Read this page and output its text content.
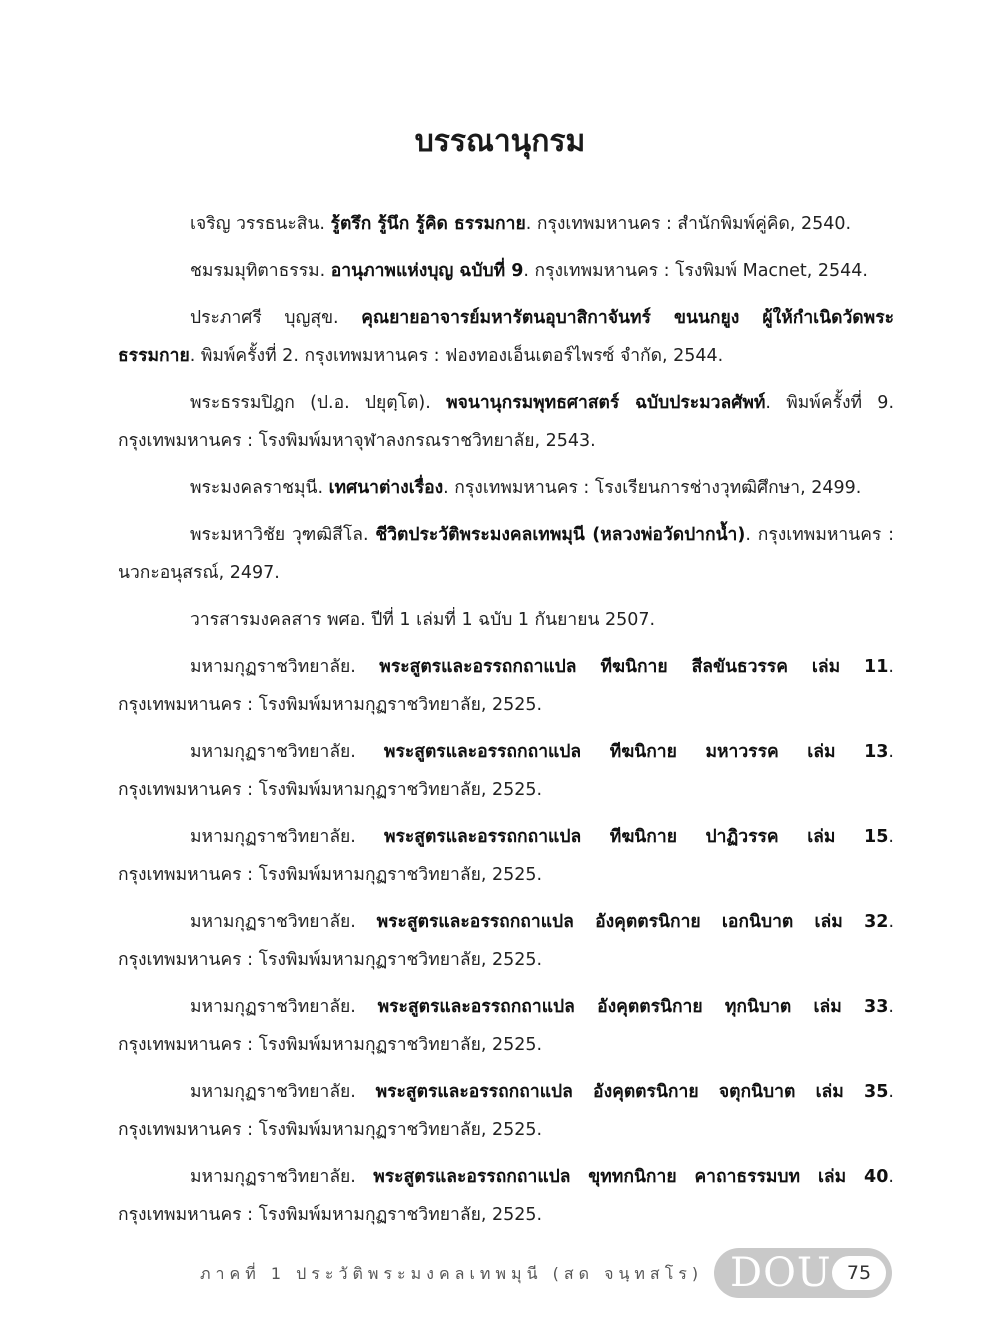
บรรณานุกรม

เจริญ วรรธนะสิน. รู้ตรึก รู้นึก รู้คิด ธรรมกาย. กรุงเทพมหานคร : สำนักพิมพ์คู่คิด, 2540.

ชมรมมุทิตาธรรม. อานุภาพแห่งบุญ ฉบับที่ 9. กรุงเทพมหานคร : โรงพิมพ์ Macnet, 2544.

ประภาศรี บุญสุข. คุณยายอาจารย์มหารัตนอุบาสิกาจันทร์ ขนนกยูง ผู้ให้กำเนิดวัดพระธรรมกาย. พิมพ์ครั้งที่ 2. กรุงเทพมหานคร : ฟองทองเอ็นเตอร์ไพรซ์ จำกัด, 2544.

พระธรรมปิฎก (ป.อ. ปยุตฺโต). พจนานุกรมพุทธศาสตร์ ฉบับประมวลศัพท์. พิมพ์ครั้งที่ 9. กรุงเทพมหานคร : โรงพิมพ์มหาจุฬาลงกรณราชวิทยาลัย, 2543.

พระมงคลราชมุนี. เทศนาต่างเรื่อง. กรุงเทพมหานคร : โรงเรียนการช่างวุทฒิศึกษา, 2499.

พระมหาวิชัย วุฑฒิสีโล. ชีวิตประวัติพระมงคลเทพมุนี (หลวงพ่อวัดปากน้ำ). กรุงเทพมหานคร : นวกะอนุสรณ์, 2497.

วารสารมงคลสาร พศอ. ปีที่ 1 เล่มที่ 1 ฉบับ 1 กันยายน 2507.

มหามกุฏราชวิทยาลัย. พระสูตรและอรรถกถาแปล ทีฆนิกาย สีลขันธวรรค เล่ม 11. กรุงเทพมหานคร : โรงพิมพ์มหามกุฏราชวิทยาลัย, 2525.

มหามกุฏราชวิทยาลัย. พระสูตรและอรรถกถาแปล ทีฆนิกาย มหาวรรค เล่ม 13. กรุงเทพมหานคร : โรงพิมพ์มหามกุฏราชวิทยาลัย, 2525.

มหามกุฏราชวิทยาลัย. พระสูตรและอรรถกถาแปล ทีฆนิกาย ปาฏิวรรค เล่ม 15. กรุงเทพมหานคร : โรงพิมพ์มหามกุฏราชวิทยาลัย, 2525.

มหามกุฏราชวิทยาลัย. พระสูตรและอรรถกถาแปล อังคุตตรนิกาย เอกนิบาต เล่ม 32. กรุงเทพมหานคร : โรงพิมพ์มหามกุฏราชวิทยาลัย, 2525.

มหามกุฏราชวิทยาลัย. พระสูตรและอรรถกถาแปล อังคุตตรนิกาย ทุกนิบาต เล่ม 33. กรุงเทพมหานคร : โรงพิมพ์มหามกุฏราชวิทยาลัย, 2525.

มหามกุฏราชวิทยาลัย. พระสูตรและอรรถกถาแปล อังคุตตรนิกาย จตุกนิบาต เล่ม 35. กรุงเทพมหานคร : โรงพิมพ์มหามกุฏราชวิทยาลัย, 2525.

มหามกุฏราชวิทยาลัย. พระสูตรและอรรถกถาแปล ขุททกนิกาย คาถาธรรมบท เล่ม 40. กรุงเทพมหานคร : โรงพิมพ์มหามกุฏราชวิทยาลัย, 2525.

ภาคที่ 1 ประวัติพระมงคลเทพมุนี (สด จนฺทสโร) DOU 75
